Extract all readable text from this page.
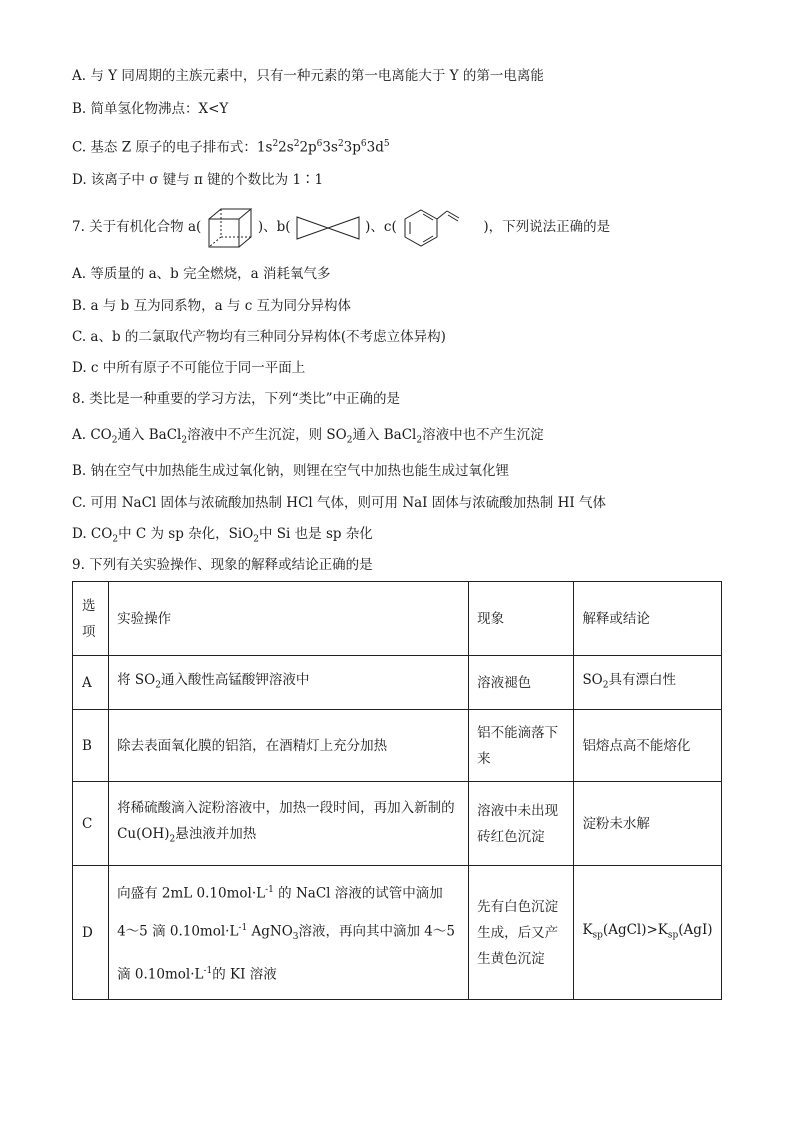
A. 与 Y 同周期的主族元素中，只有一种元素的第一电离能大于 Y 的第一电离能
B. 简单氢化物沸点：X<Y
C. 基态 Z 原子的电子排布式：$1s^22s^22p^63s^23p^63d^5$
D. 该离子中 σ 键与 π 键的个数比为 1∶1
7. 关于有机化合物 a(	)、b(	)、c(	)，下列说法正确的是
A. 等质量的 a、b 完全燃烧，a 消耗氧气多
B. a 与 b 互为同系物，a 与 c 互为同分异构体
C. a、b 的二氯取代产物均有三种同分异构体(不考虑立体异构)
D. c 中所有原子不可能位于同一平面上
8. 类比是一种重要的学习方法，下列“类比”中正确的是
A. $CO_2$通入 BaCl$_2$溶液中不产生沉淀，则 $SO_2$通入 BaCl$_2$溶液中也不产生沉淀
B. 钠在空气中加热能生成过氧化钠，则锂在空气中加热也能生成过氧化锂
C. 可用 NaCl 固体与浓硫酸加热制 HCl 气体，则可用 NaI 固体与浓硫酸加热制 HI 气体
D. $CO_2$中 C 为 sp 杂化，SiO$_2$中 Si 也是 sp 杂化
9. 下列有关实验操作、现象的解释或结论正确的是
选项	实验操作	现象	解释或结论
A	将 $SO_2$通入酸性高锰酸钾溶液中	溶液褪色	$SO_2$具有漂白性
B	除去表面氧化膜的铝箔，在酒精灯上充分加热	铝不能滴落下来	铝熔点高不能熔化
C	将稀硫酸滴入淀粉溶液中，加热一段时间，再加入新制的 $Cu(OH)_2$悬浊液并加热	溶液中未出现砖红色沉淀	淀粉未水解
D	向盛有 2mL $0.10mol\cdot L^{-1}$ 的 NaCl 溶液的试管中滴加
4～5 滴 $0.10mol\cdot L^{-1}$ AgNO$_3$溶液，再向其中滴加 4～5
滴 $0.10mol\cdot L^{-1}$的 KI 溶液	先有白色沉淀生成，后又产生黄色沉淀	$K_{sp}(AgCl)>K_{sp}(AgI)$
